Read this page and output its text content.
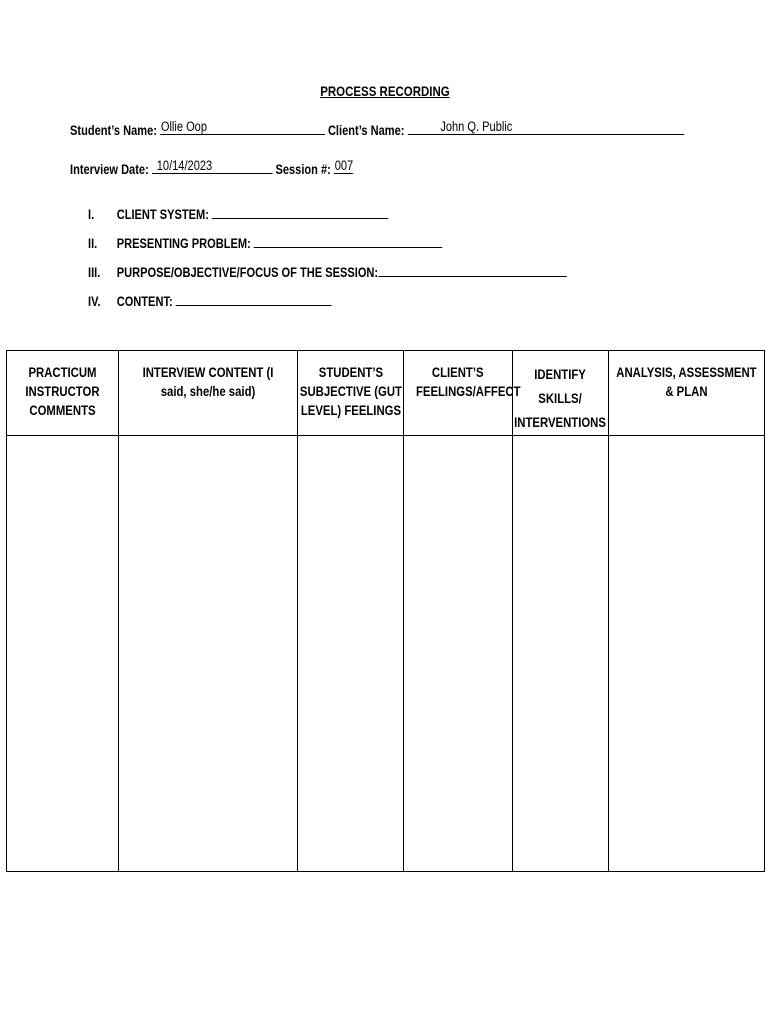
PROCESS RECORDING
Student’s Name: Ollie Oop	Client’s Name:	John Q. Public
Interview Date: 10/14/2023	Session #: 007
I. CLIENT SYSTEM:
II. PRESENTING PROBLEM:
III. PURPOSE/OBJECTIVE/FOCUS OF THE SESSION:
IV. CONTENT:
PRACTICUM INSTRUCTOR COMMENTS	INTERVIEW CONTENT (I said, she/he said)	STUDENT’S SUBJECTIVE (GUT LEVEL) FEELINGS	CLIENT’S FEELINGS/AFFECT	IDENTIFY SKILLS/ INTERVENTIONS	ANALYSIS, ASSESSMENT & PLAN
